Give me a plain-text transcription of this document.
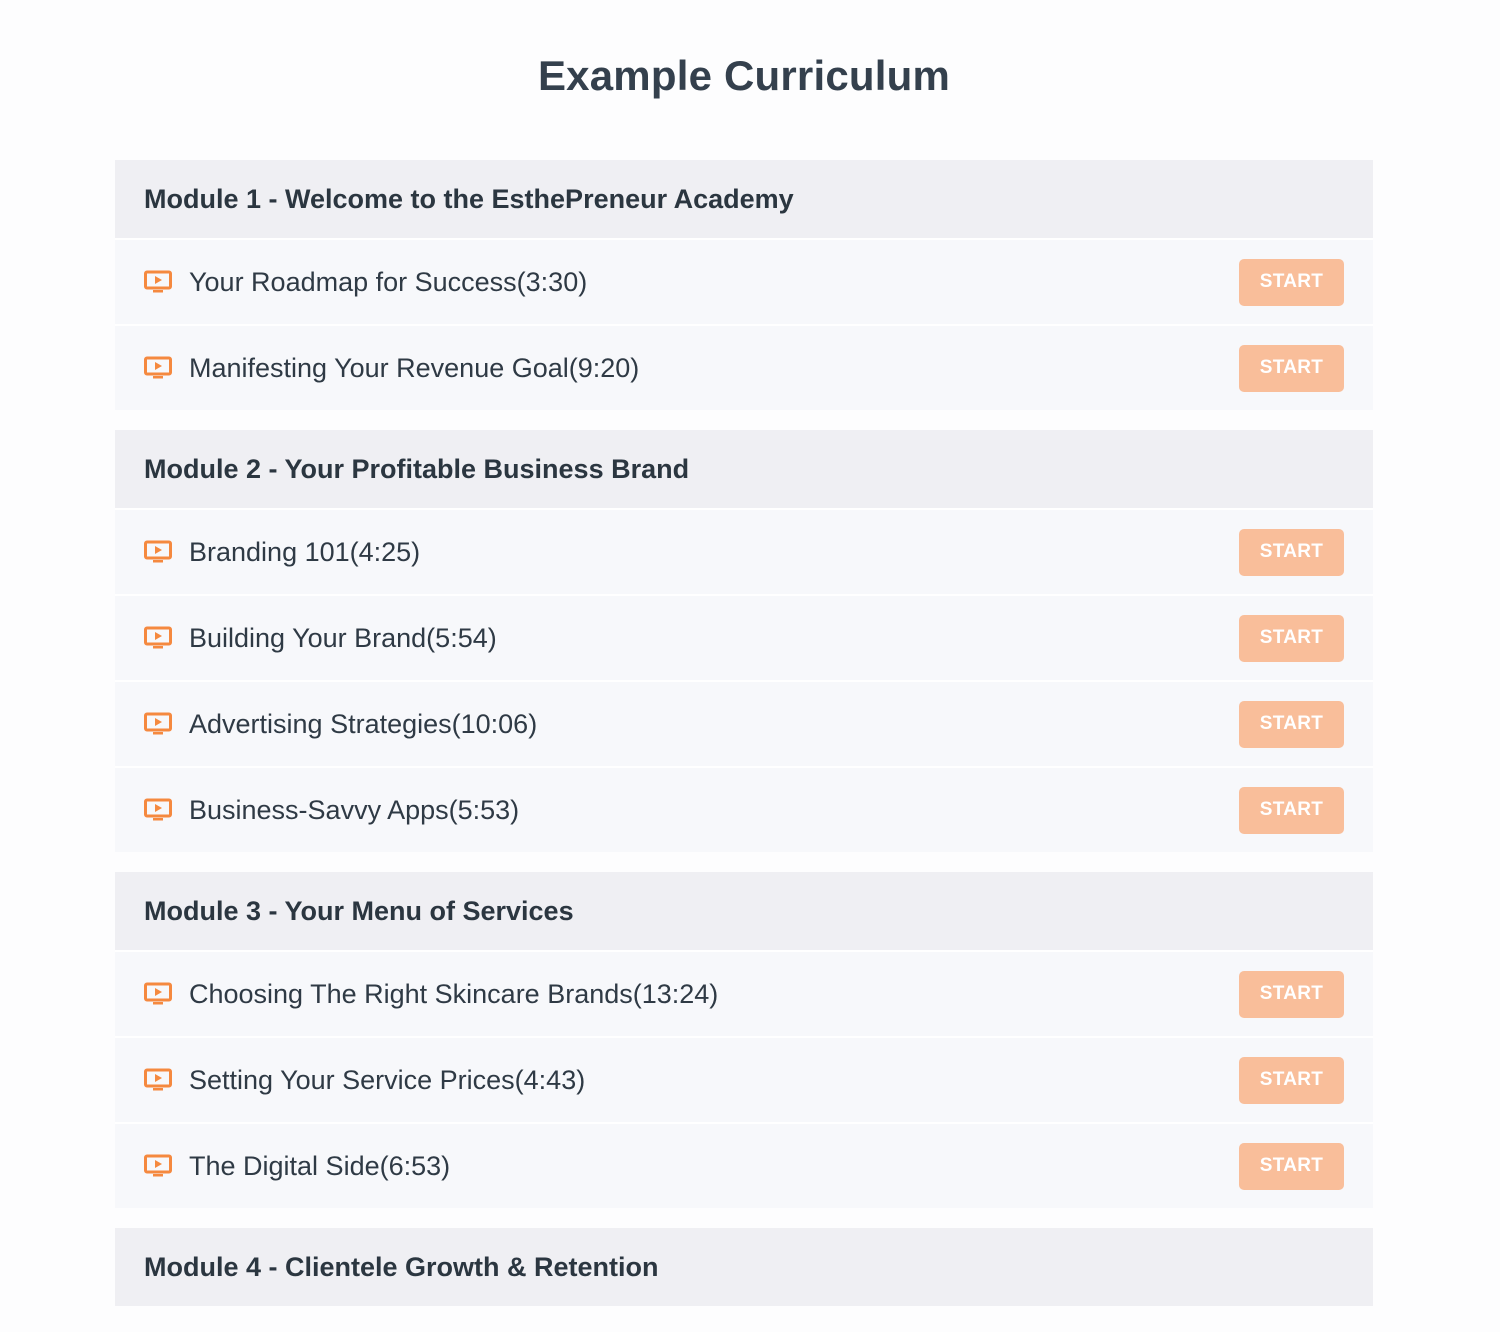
Example Curriculum
Module 1 - Welcome to the EsthePreneur Academy
Your Roadmap for Success(3:30)	START
Manifesting Your Revenue Goal(9:20)	START
Module 2 - Your Profitable Business Brand
Branding 101(4:25)	START
Building Your Brand(5:54)	START
Advertising Strategies(10:06)	START
Business-Savvy Apps(5:53)	START
Module 3 - Your Menu of Services
Choosing The Right Skincare Brands(13:24)	START
Setting Your Service Prices(4:43)	START
The Digital Side(6:53)	START
Module 4 - Clientele Growth & Retention
